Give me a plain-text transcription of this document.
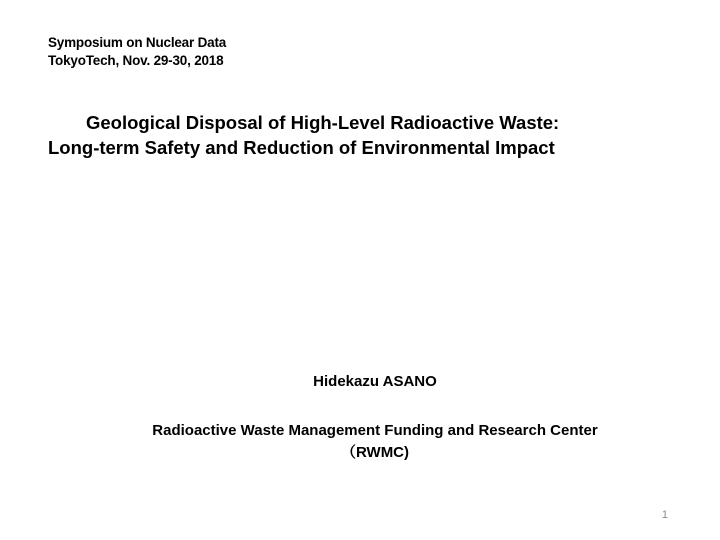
Symposium on Nuclear Data
TokyoTech, Nov. 29-30, 2018
Geological Disposal of High-Level Radioactive Waste:
Long-term Safety and Reduction of Environmental Impact
Hidekazu ASANO
Radioactive Waste Management Funding and Research Center
（RWMC)
1
